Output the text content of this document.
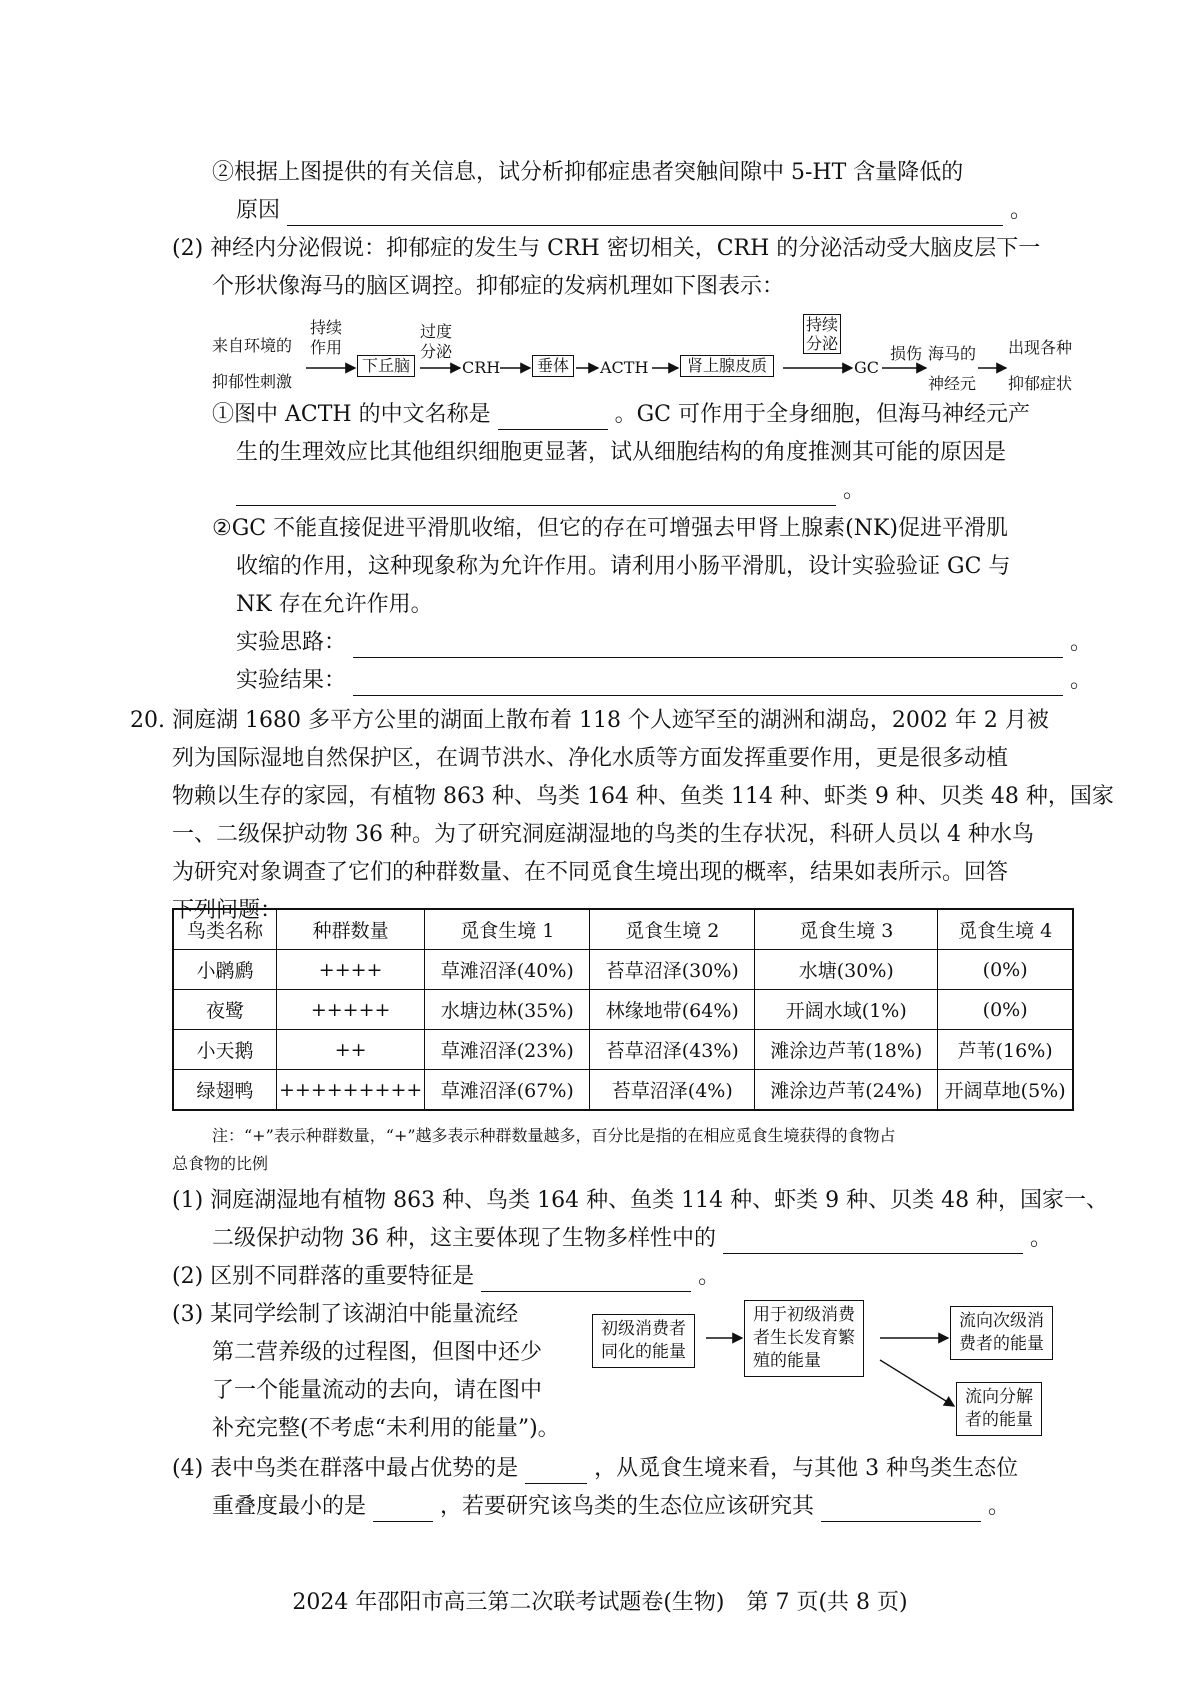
②根据上图提供的有关信息，试分析抑郁症患者突触间隙中 5-HT 含量降低的
原因	。
(2) 神经内分泌假说：抑郁症的发生与 CRH 密切相关，CRH 的分泌活动受大脑皮层下一
个形状像海马的脑区调控。抑郁症的发病机理如下图表示：
来自环境的
抑郁性刺激
持续
作用
过度
分泌
持续
分泌
损伤 海马的
神经元
出现各种
抑郁症状
下丘脑	CRH	垂体	ACTH	肾上腺皮质	GC
①图中 ACTH 的中文名称是	。GC 可作用于全身细胞，但海马神经元产
生的生理效应比其他组织细胞更显著，试从细胞结构的角度推测其可能的原因是
。
②GC 不能直接促进平滑肌收缩，但它的存在可增强去甲肾上腺素(NK)促进平滑肌
收缩的作用，这种现象称为允许作用。请利用小肠平滑肌，设计实验验证 GC 与
NK 存在允许作用。
实验思路：	。
实验结果：	。
20. 洞庭湖 1680 多平方公里的湖面上散布着 118 个人迹罕至的湖洲和湖岛，2002 年 2 月被
列为国际湿地自然保护区，在调节洪水、净化水质等方面发挥重要作用，更是很多动植
物赖以生存的家园，有植物 863 种、鸟类 164 种、鱼类 114 种、虾类 9 种、贝类 48 种，国家
一、二级保护动物 36 种。为了研究洞庭湖湿地的鸟类的生存状况，科研人员以 4 种水鸟
为研究对象调查了它们的种群数量、在不同觅食生境出现的概率，结果如表所示。回答
下列问题：
鸟类名称	种群数量	觅食生境 1	觅食生境 2	觅食生境 3	觅食生境 4
小䴙䴘	++++	草滩沼泽(40%)	苔草沼泽(30%)	水塘(30%)	(0%)
夜鹭	+++++	水塘边林(35%)	林缘地带(64%)	开阔水域(1%)	(0%)
小天鹅	++	草滩沼泽(23%)	苔草沼泽(43%)	滩涂边芦苇(18%)	芦苇(16%)
绿翅鸭	+++++++++	草滩沼泽(67%)	苔草沼泽(4%)	滩涂边芦苇(24%)	开阔草地(5%)
注：“+”表示种群数量，“+”越多表示种群数量越多，百分比是指的在相应觅食生境获得的食物占
总食物的比例
(1) 洞庭湖湿地有植物 863 种、鸟类 164 种、鱼类 114 种、虾类 9 种、贝类 48 种，国家一、
二级保护动物 36 种，这主要体现了生物多样性中的	。
(2) 区别不同群落的重要特征是	。
(3) 某同学绘制了该湖泊中能量流经
第二营养级的过程图，但图中还少
了一个能量流动的去向，请在图中
补充完整(不考虑“未利用的能量”)。
初级消费者
同化的能量
用于初级消费
者生长发育繁
殖的能量
流向次级消
费者的能量
流向分解
者的能量
(4) 表中鸟类在群落中最占优势的是	，从觅食生境来看，与其他 3 种鸟类生态位
重叠度最小的是	，若要研究该鸟类的生态位应该研究其	。
2024 年邵阳市高三第二次联考试题卷(生物)　第 7 页(共 8 页)
